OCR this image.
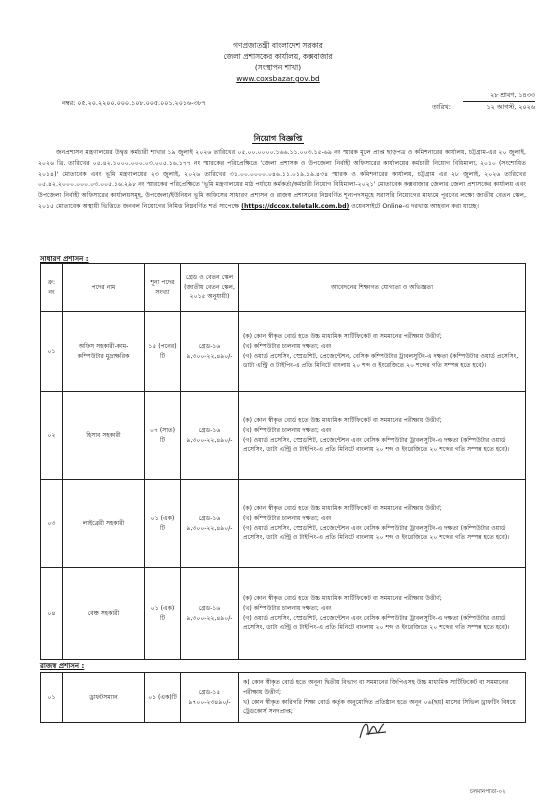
গণপ্রজাতন্ত্রী বাংলাদেশ সরকার
জেলা প্রশাসকের কার্যালয়, কক্সবাজার
(সংস্থাপন শাখা)
www.coxsbazar.gov.bd
নম্বর: ০৫.২০.২২০০.০০০.১০৮.০০৫.০০১.২০১৬-৩৮৭	তারিখ:
২৮ শ্রাবণ, ১৪৩৩
১২ আগস্ট, ২০২৬
নিয়োগ বিজ্ঞপ্তি
জনপ্রশাসন মন্ত্রণালয়ের উদ্বৃত্ত কর্মচারী শাখার ১৯ জুলাই ২০২৬ তারিখের ০৫.০০.০০০০.১৬৬.১১.০০৩.১৫-৬৯ নং স্মারক মূলে প্রাপ্ত ছাড়পত্র ও কমিশনারের কার্যালয়, চট্টগ্রাম-এর ২০ জুলাই, ২০২৬ খ্রি. তারিখের ০৫.৪২.১০০০.০০০.০৩.০০৫.১৬.১৭৭ নং স্মারকের পরিপ্রেক্ষিতে 'জেলা প্রশাসক ও উপজেলা নির্বাহী অফিসারের কার্যালয়ের কর্মচারী নিয়োগ বিধিমালা, ২০১০ (সংশোধিত ২০১৪)' মোতাবেক এবং ভূমি মন্ত্রণালয়ের ২৩ জুলাই, ২০২৬ তারিখের ৩১.০০.০০০০.০৪৬.১১.০১৯.১৯.৪৩৪ স্মারক ও কমিশনারের কার্যালয়, চট্টগ্রাম এর ২৮ জুলাই, ২০২৬ তারিখের ০৫.৪২.২০০০.০০০.০৩.০০৫.১৬.২৯৮ নং স্মারকের পরিপ্রেক্ষিতে 'ভূমি মন্ত্রণালয়ের মাঠ পর্যায়ে কর্মকর্তা/কর্মচারী নিয়োগ বিধিমালা-২০২১' মোতাবেক কক্সবাজার জেলার জেলা প্রশাসকের কার্যালয় এবং উপজেলা নির্বাহী অফিসারের কার্যালয়সমূহ, উপজেলা/ইউনিয়ন ভূমি অফিসের সাধারণ প্রশাসন ও রাজস্ব প্রশাসনের নিম্নবর্ণিত শূন্যপদসমূহে সরাসরি নিয়োগের মাধ্যমে পূরণের লক্ষ্যে জাতীয় বেতন স্কেল, ২০১৫ মোতাবেক অস্থায়ী ভিত্তিতে জনবল নিয়োগের নিমিত্ত নিম্নবর্ণিত শর্ত সাপেক্ষে (https://dccox.teletalk.com.bd) ওয়েবসাইটে Online-এ দরখাস্ত আহবান করা যাচ্ছে।
সাধারণ প্রশাসন :
ক্র: নং	পদের নাম	শূন্য পদের সংখ্যা	গ্রেড ও বেতন স্কেল (জাতীয় বেতন স্কেল, ২০১৫ অনুযায়ী)	আবেদনের শিক্ষাগত যোগ্যতা ও অভিজ্ঞতা
০১	অফিস সহকারী-কাম-কম্পিউটার মুদ্রাক্ষরিক	১৫ (পনের) টি	গ্রেড-১৬ ৯,৩০০-২২,৪৯০/-	(ক) কোন স্বীকৃত বোর্ড হতে উচ্চ মাধ্যমিক সার্টিফিকেট বা সমমানের পরীক্ষায় উত্তীর্ণ;
(খ) কম্পিউটার চালনায় দক্ষতা; এবং
(গ) ওয়ার্ড প্রসেসিং, স্প্রেডশিট, প্রেজেন্টেশন, বেসিক কম্পিউটার ট্রাবলসুটিং-এ দক্ষতা (কম্পিউটার ওয়ার্ড প্রসেসিং, ডাটা এন্ট্রি ও টাইপিং-এ প্রতি মিনিটে বাংলায় ২০ শব্দ ও ইংরেজিতে ২০ শব্দের গতি সম্পন্ন হতে হবে)।

০২	হিসাব সহকারী	০৭ (সাত) টি	গ্রেড-১৬ ৯,৩০০-২২,৪৯০/-	(ক) কোন স্বীকৃত বোর্ড হতে উচ্চ মাধ্যমিক সার্টিফিকেট বা সমমানের পরীক্ষায় উত্তীর্ণ;
(খ) কম্পিউটার চালনায় দক্ষতা; এবং
(গ) ওয়ার্ড প্রসেসিং, স্প্রেডশিট, প্রেজেন্টেশন এবং বেসিক কম্পিউটার ট্রাবলসুটিং-এ দক্ষতা (কম্পিউটার ওয়ার্ড প্রসেসিং, ডাটা এন্ট্রি ও টাইপিং-এ প্রতি মিনিটে বাংলায় ২০ শব্দ ও ইংরেজিতে ২০ শব্দের গতি সম্পন্ন হতে হবে)।

০৩	লাইব্রেরী সহকারী	০১ (এক) টি	গ্রেড-১৬ ৯,৩০০-২২,৪৯০/-	(ক) কোন স্বীকৃত বোর্ড হতে উচ্চ মাধ্যমিক সার্টিফিকেট বা সমমানের পরীক্ষায় উত্তীর্ণ;
(খ) কম্পিউটার চালনায় দক্ষতা; এবং
(গ) ওয়ার্ড প্রসেসিং, স্প্রেডশিট, প্রেজেন্টেশন এবং বেসিক কম্পিউটার ট্রাবলসুটিং-এ দক্ষতা (কম্পিউটার ওয়ার্ড প্রসেসিং, ডাটা এন্ট্রি ও টাইপিং-এ প্রতি মিনিটে বাংলায় ২০ শব্দ ও ইংরেজিতে ২০ শব্দের গতি সম্পন্ন হতে হবে)।

০৪	বেঞ্চ সহকারী	০১ (এক) টি	গ্রেড-১৬ ৯,৩০০-২২,৪৯০/-	(ক) কোন স্বীকৃত বোর্ড হতে উচ্চ মাধ্যমিক সার্টিফিকেট বা সমমানের পরীক্ষায় উত্তীর্ণ;
(খ) কম্পিউটার চালনায় দক্ষতা; এবং
(গ) ওয়ার্ড প্রসেসিং, স্প্রেডশিট, প্রেজেন্টেশন এবং বেসিক কম্পিউটার ট্রাবলসুটিং-এ দক্ষতা (কম্পিউটার ওয়ার্ড প্রসেসিং, ডাটা এন্ট্রি ও টাইপিং-এ প্রতি মিনিটে বাংলায় ২০ শব্দ ও ইংরেজিতে ২০ শব্দের গতি সম্পন্ন হতে হবে)।
রাজস্ব প্রশাসন :
০১	ড্রাফটসম্যান	০১ (এক)টি	গ্রেড-১৫ ৯৭০০-২৩৪৯০/-	
ক) কোন স্বীকৃত বোর্ড হতে অনূন্য দ্বিতীয় বিভাগ বা সমমানের জিপিএসহ উচ্চ মাধ্যমিক সার্টিফিকেট বা সমমানের পরীক্ষায় উত্তীর্ণ;
খ) কোন স্বীকৃত কারিগরি শিক্ষা বোর্ড কর্তৃক অনুমোদিত প্রতিষ্ঠান হতে অনূন ০৬(ছয়) মাসের সিভিল ড্রাফটিং বিষয়ে ট্রেডকোর্স সনদপ্রাপ্ত;
চলমানপাতা-০২
